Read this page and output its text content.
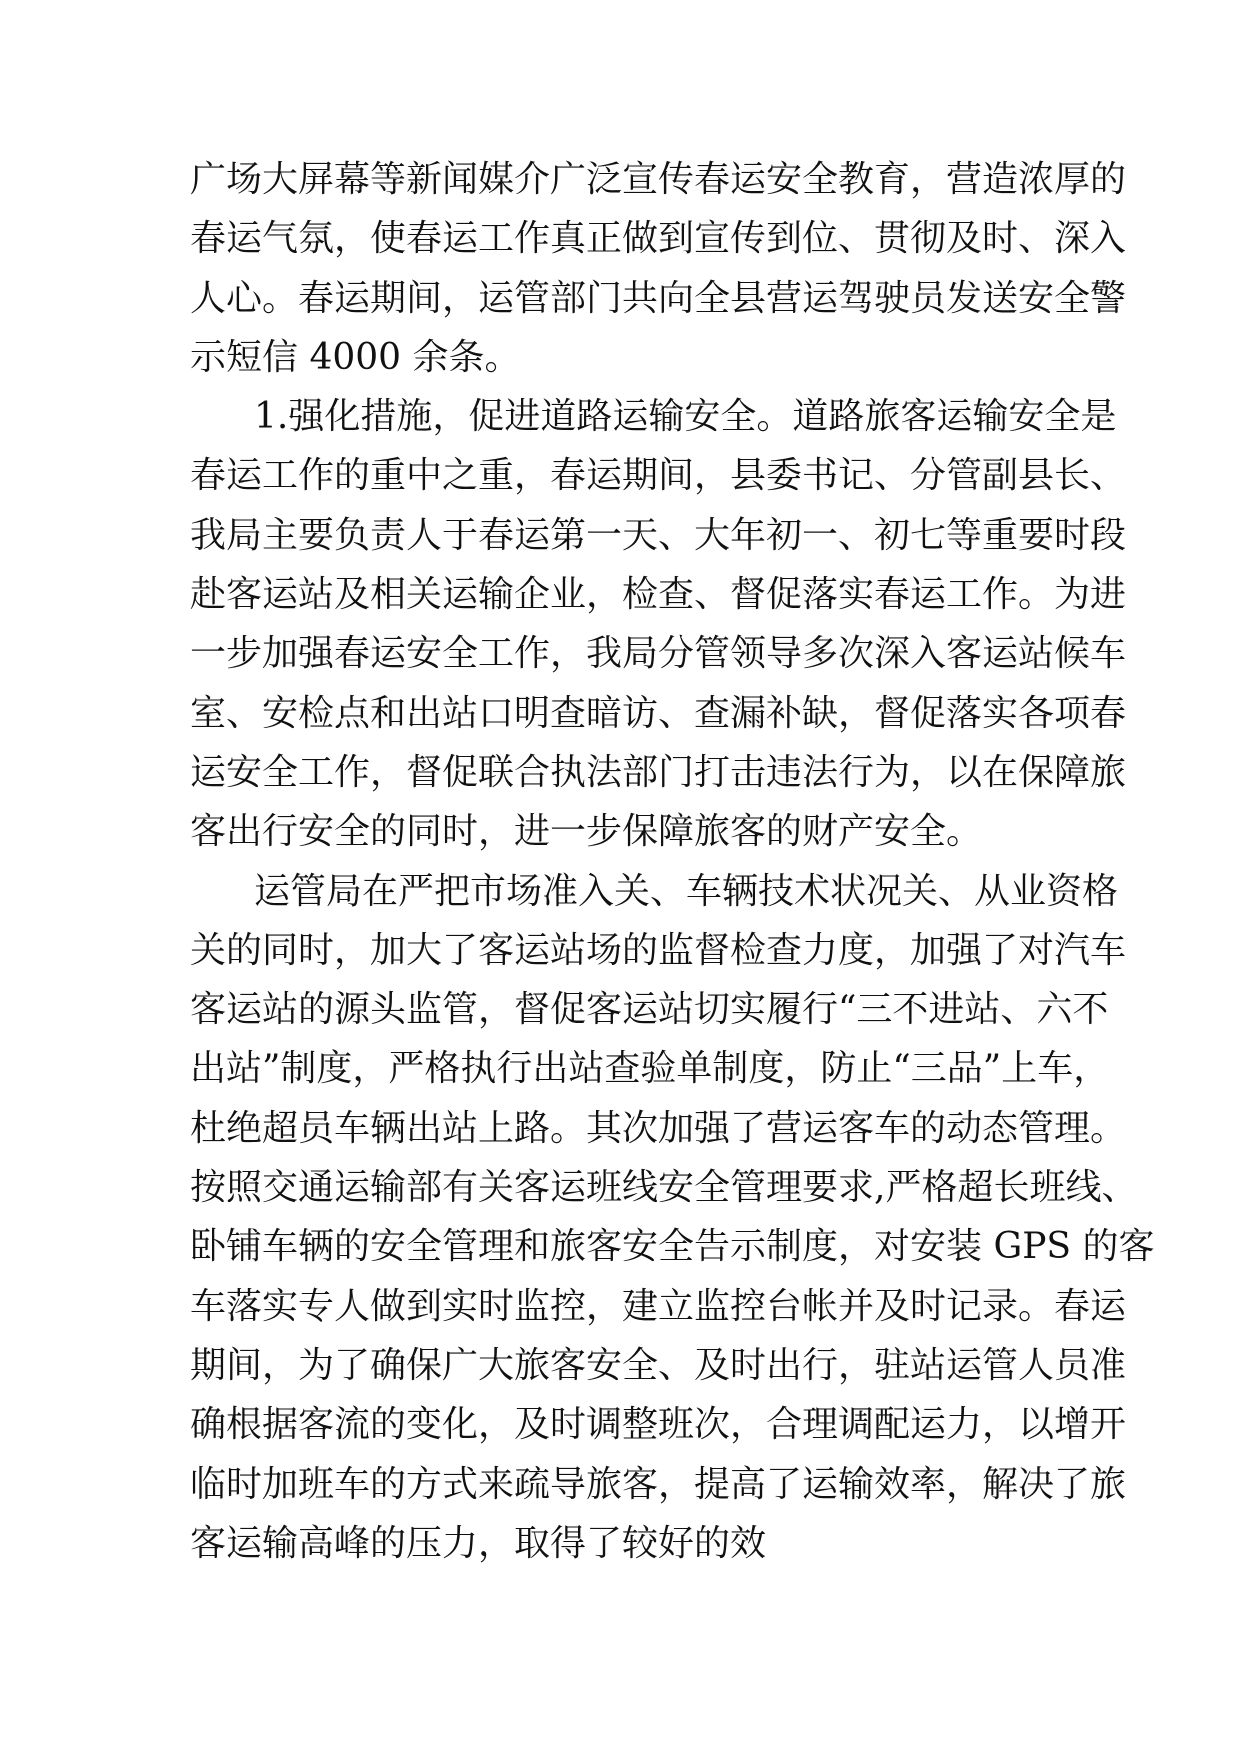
广场大屏幕等新闻媒介广泛宣传春运安全教育，营造浓厚的
春运气氛，使春运工作真正做到宣传到位、贯彻及时、深入
人心。春运期间，运管部门共向全县营运驾驶员发送安全警
示短信 4000 余条。
1.强化措施，促进道路运输安全。道路旅客运输安全是
春运工作的重中之重，春运期间，县委书记、分管副县长、
我局主要负责人于春运第一天、大年初一、初七等重要时段
赴客运站及相关运输企业，检查、督促落实春运工作。为进
一步加强春运安全工作，我局分管领导多次深入客运站候车
室、安检点和出站口明查暗访、查漏补缺，督促落实各项春
运安全工作，督促联合执法部门打击违法行为，以在保障旅
客出行安全的同时，进一步保障旅客的财产安全。
运管局在严把市场准入关、车辆技术状况关、从业资格
关的同时，加大了客运站场的监督检查力度，加强了对汽车
客运站的源头监管，督促客运站切实履行“三不进站、六不
出站”制度，严格执行出站查验单制度，防止“三品”上车，
杜绝超员车辆出站上路。其次加强了营运客车的动态管理。
按照交通运输部有关客运班线安全管理要求,严格超长班线、
卧铺车辆的安全管理和旅客安全告示制度，对安装 GPS 的客
车落实专人做到实时监控，建立监控台帐并及时记录。春运
期间，为了确保广大旅客安全、及时出行，驻站运管人员准
确根据客流的变化，及时调整班次，合理调配运力，以增开
临时加班车的方式来疏导旅客，提高了运输效率，解决了旅
客运输高峰的压力，取得了较好的效
